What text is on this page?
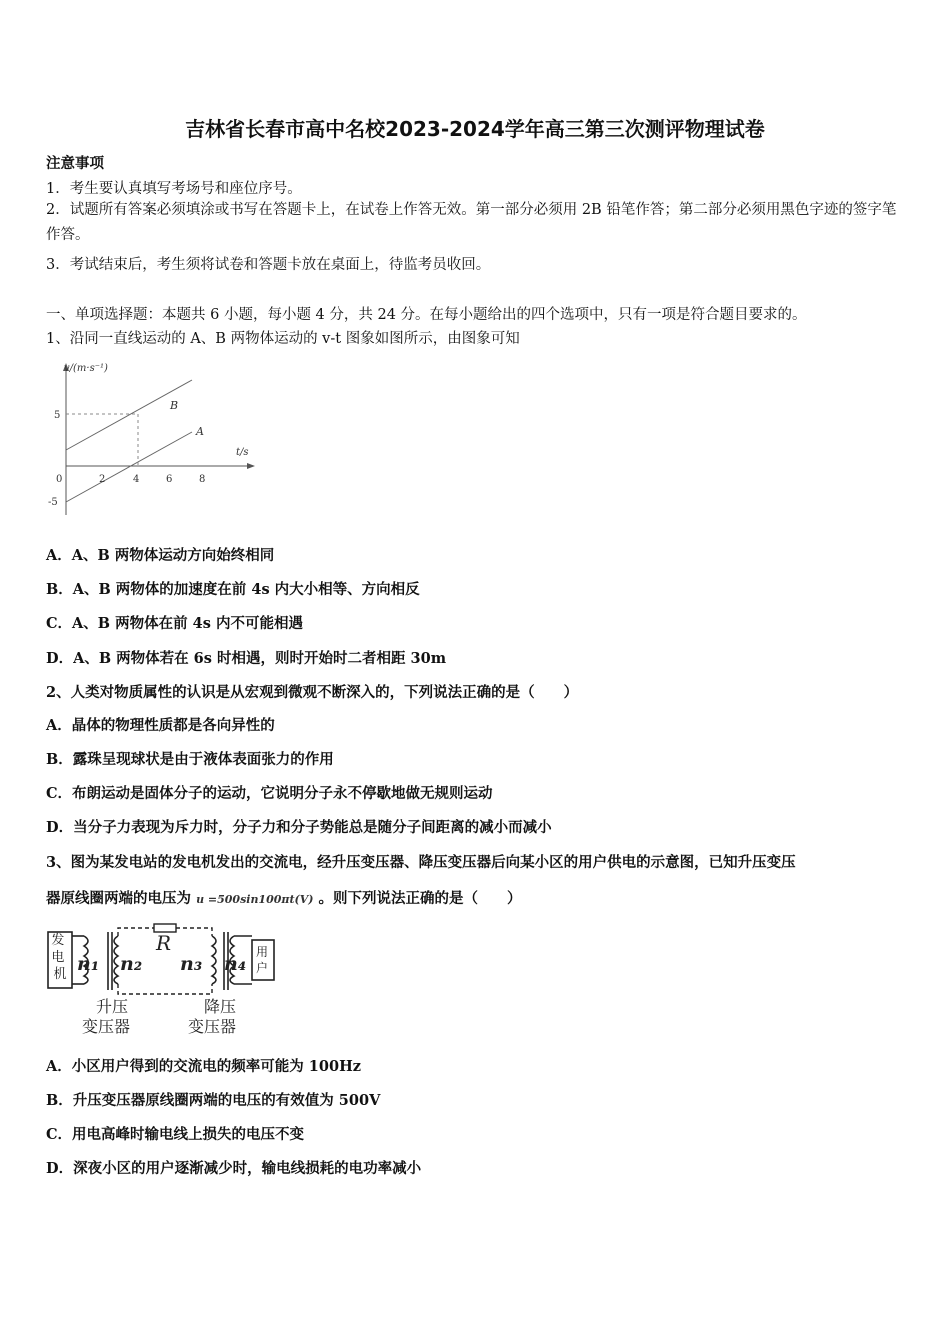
吉林省长春市高中名校2023-2024学年高三第三次测评物理试卷
注意事项
1．考生要认真填写考场号和座位序号。
2．试题所有答案必须填涂或书写在答题卡上，在试卷上作答无效。第一部分必须用 2B 铅笔作答；第二部分必须用黑色字迹的签字笔作答。
3．考试结束后，考生须将试卷和答题卡放在桌面上，待监考员收回。
一、单项选择题：本题共 6 小题，每小题 4 分，共 24 分。在每小题给出的四个选项中，只有一项是符合题目要求的。
1、沿同一直线运动的 A、B 两物体运动的 v-t 图象如图所示，由图象可知
v/(m·s⁻¹)
t/s
0	2	4	6	8
5
-5
B
A
A．A、B 两物体运动方向始终相同
B．A、B 两物体的加速度在前 4s 内大小相等、方向相反
C．A、B 两物体在前 4s 内不可能相遇
D．A、B 两物体若在 6s 时相遇，则时开始时二者相距 30m
2、人类对物质属性的认识是从宏观到微观不断深入的，下列说法正确的是（　　）
A．晶体的物理性质都是各向异性的
B．露珠呈现球状是由于液体表面张力的作用
C．布朗运动是固体分子的运动，它说明分子永不停歇地做无规则运动
D．当分子力表现为斥力时，分子力和分子势能总是随分子间距离的减小而减小
3、图为某发电站的发电机发出的交流电，经升压变压器、降压变压器后向某小区的用户供电的示意图，已知升压变压
器原线圈两端的电压为 u =500sin100πt(V) 。则下列说法正确的是（　　）
发 电 机
R
n₁ n₂ n₃ n₄
升压
变压器
降压
变压器
用户
A．小区用户得到的交流电的频率可能为 100Hz
B．升压变压器原线圈两端的电压的有效值为 500V
C．用电高峰时输电线上损失的电压不变
D．深夜小区的用户逐渐减少时，输电线损耗的电功率减小
